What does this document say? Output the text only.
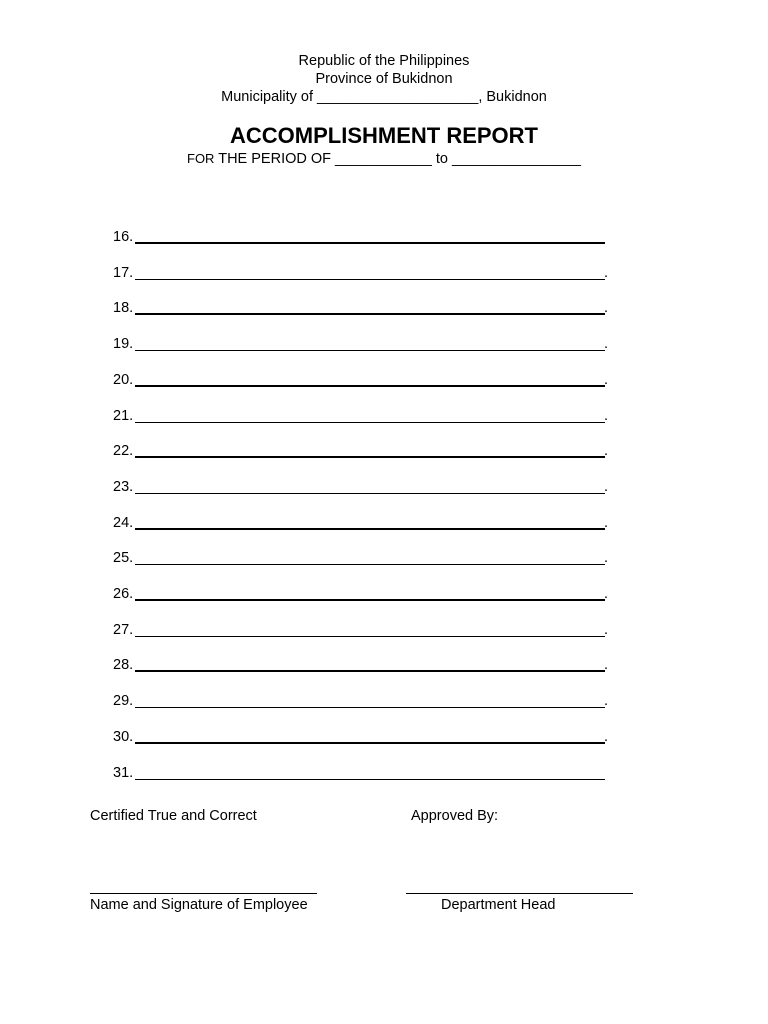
Republic of the Philippines
Province of Bukidnon
Municipality of ____________________, Bukidnon
ACCOMPLISHMENT REPORT
FOR THE PERIOD OF ____________ to ________________
16.
17.	.
18.	.
19.	.
20.	.
21.	.
22.	.
23.	.
24.	.
25.	.
26.	.
27.	.
28.	.
29.	.
30.	.
31.
Certified True and Correct	Approved By:
Name and Signature of Employee	Department Head
